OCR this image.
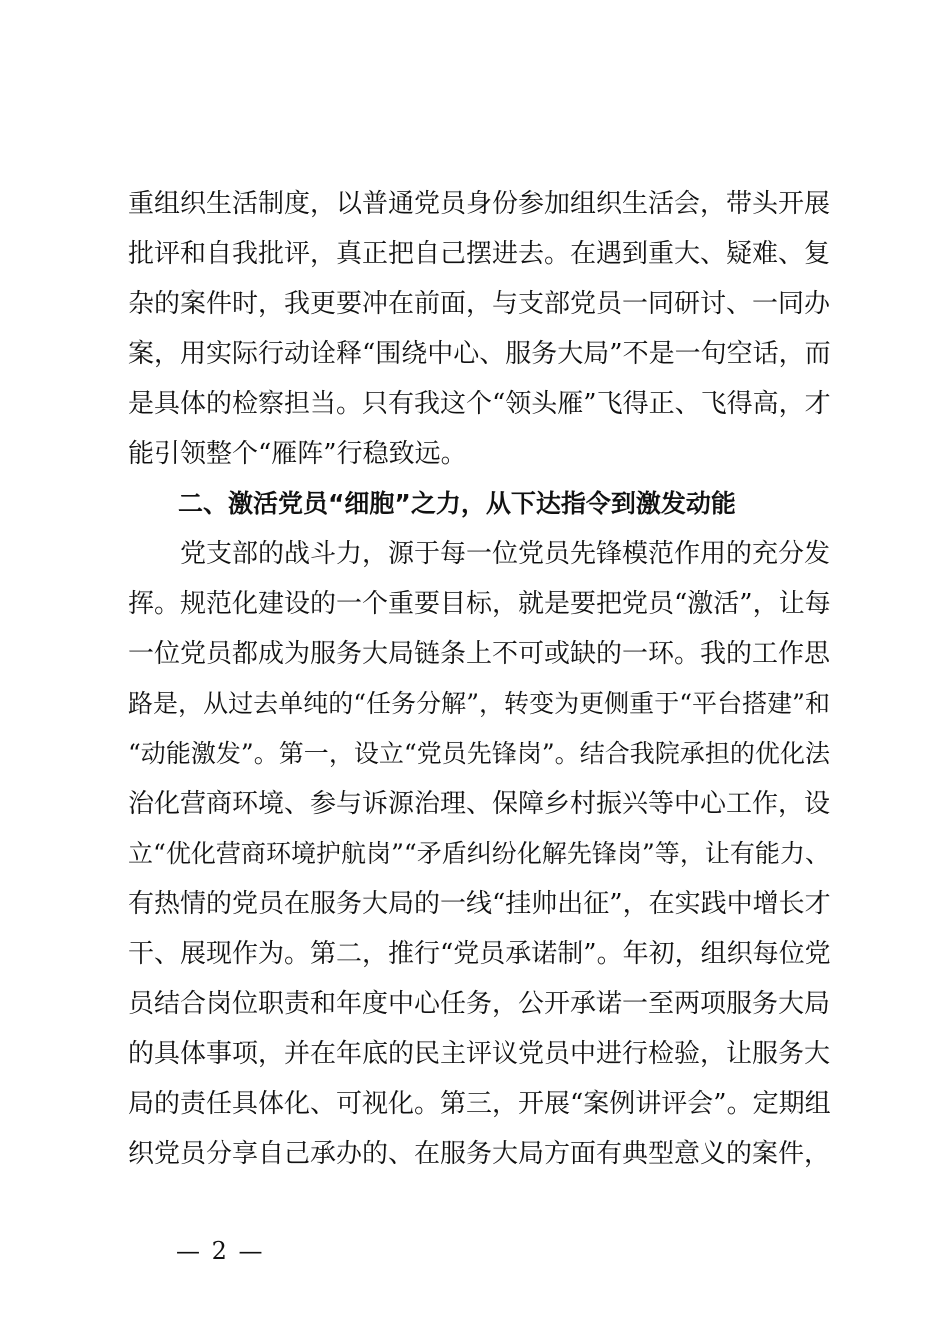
重组织生活制度，以普通党员身份参加组织生活会，带头开展
批评和自我批评，真正把自己摆进去。在遇到重大、疑难、复
杂的案件时，我更要冲在前面，与支部党员一同研讨、一同办
案，用实际行动诠释“围绕中心、服务大局”不是一句空话，而
是具体的检察担当。只有我这个“领头雁”飞得正、飞得高，才
能引领整个“雁阵”行稳致远。
二、激活党员“细胞”之力，从下达指令到激发动能
党支部的战斗力，源于每一位党员先锋模范作用的充分发
挥。规范化建设的一个重要目标，就是要把党员“激活”，让每
一位党员都成为服务大局链条上不可或缺的一环。我的工作思
路是，从过去单纯的“任务分解”，转变为更侧重于“平台搭建”和
“动能激发”。第一，设立“党员先锋岗”。结合我院承担的优化法
治化营商环境、参与诉源治理、保障乡村振兴等中心工作，设
立“优化营商环境护航岗”“矛盾纠纷化解先锋岗”等，让有能力、
有热情的党员在服务大局的一线“挂帅出征”，在实践中增长才
干、展现作为。第二，推行“党员承诺制”。年初，组织每位党
员结合岗位职责和年度中心任务，公开承诺一至两项服务大局
的具体事项，并在年底的民主评议党员中进行检验，让服务大
局的责任具体化、可视化。第三，开展“案例讲评会”。定期组
织党员分享自己承办的、在服务大局方面有典型意义的案件，
— 2 —
